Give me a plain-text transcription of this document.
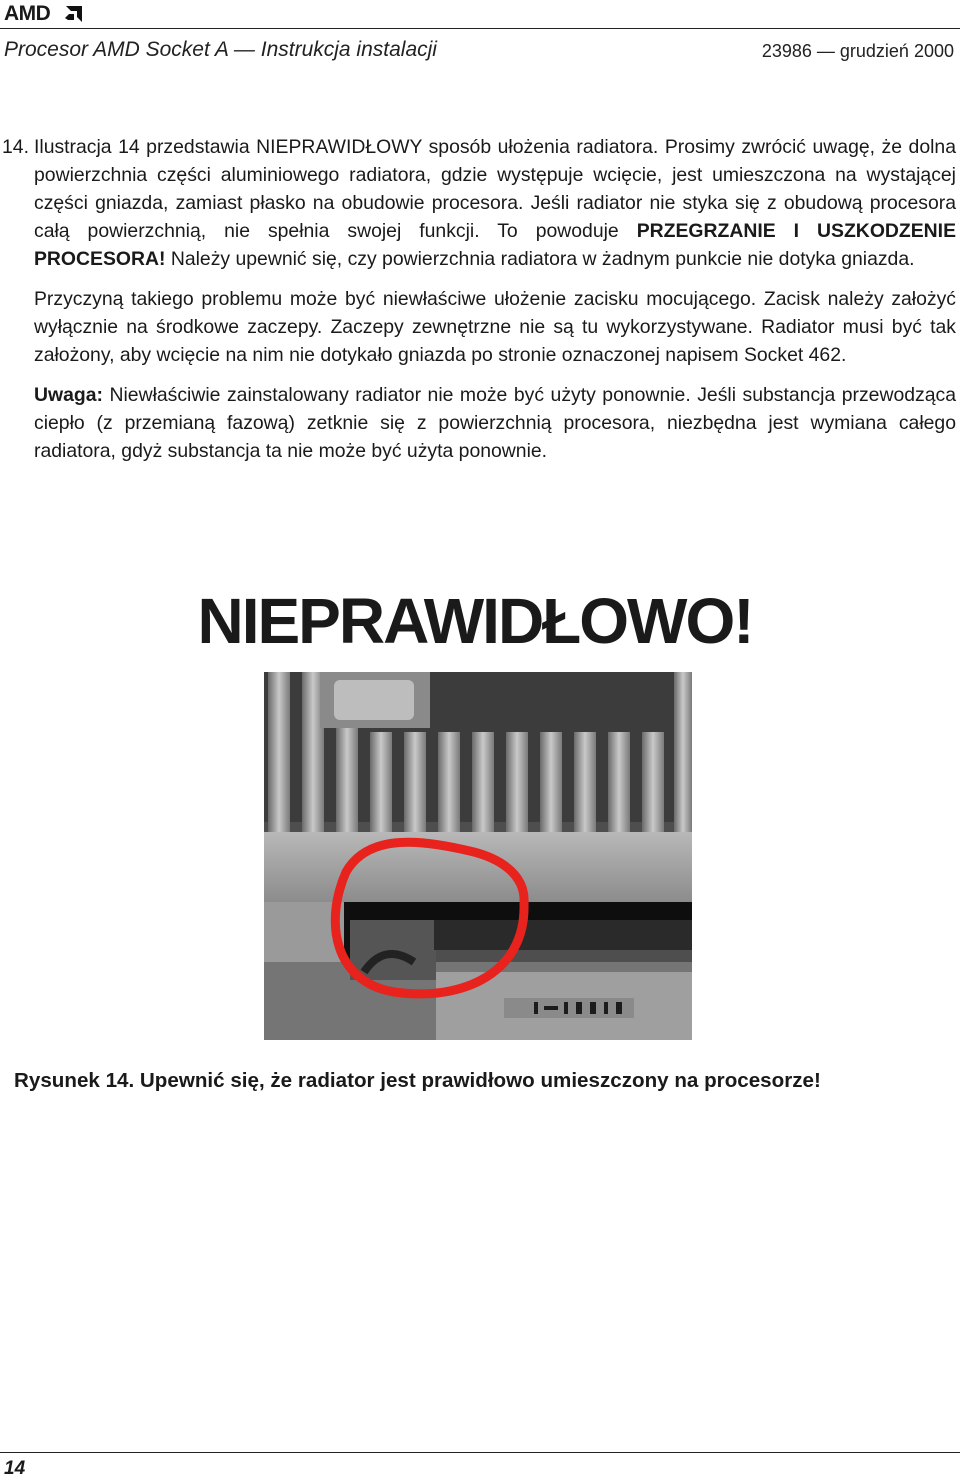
AMD
Procesor AMD Socket A — Instrukcja instalacji	23986 — grudzień 2000

14. Ilustracja 14 przedstawia NIEPRAWIDŁOWY sposób ułożenia radiatora. Prosimy zwrócić uwagę, że dolna powierzchnia części aluminiowego radiatora, gdzie występuje wcięcie, jest umieszczona na wystającej części gniazda, zamiast płasko na obudowie procesora. Jeśli radiator nie styka się z obudową procesora całą powierzchnią, nie spełnia swojej funkcji. To powoduje PRZEGRZANIE I USZKODZENIE PROCESORA! Należy upewnić się, czy powierzchnia radiatora w żadnym punkcie nie dotyka gniazda.

Przyczyną takiego problemu może być niewłaściwe ułożenie zacisku mocującego. Zacisk należy założyć wyłącznie na środkowe zaczepy. Zaczepy zewnętrzne nie są tu wykorzystywane. Radiator musi być tak założony, aby wcięcie na nim nie dotykało gniazda po stronie oznaczonej napisem Socket 462.

Uwaga: Niewłaściwie zainstalowany radiator nie może być użyty ponownie. Jeśli substancja przewodząca ciepło (z przemianą fazową) zetknie się z powierzchnią procesora, niezbędna jest wymiana całego radiatora, gdyż substancja ta nie może być użyta ponownie.

NIEPRAWIDŁOWO!
Rysunek 14. Upewnić się, że radiator jest prawidłowo umieszczony na procesorze!
14
